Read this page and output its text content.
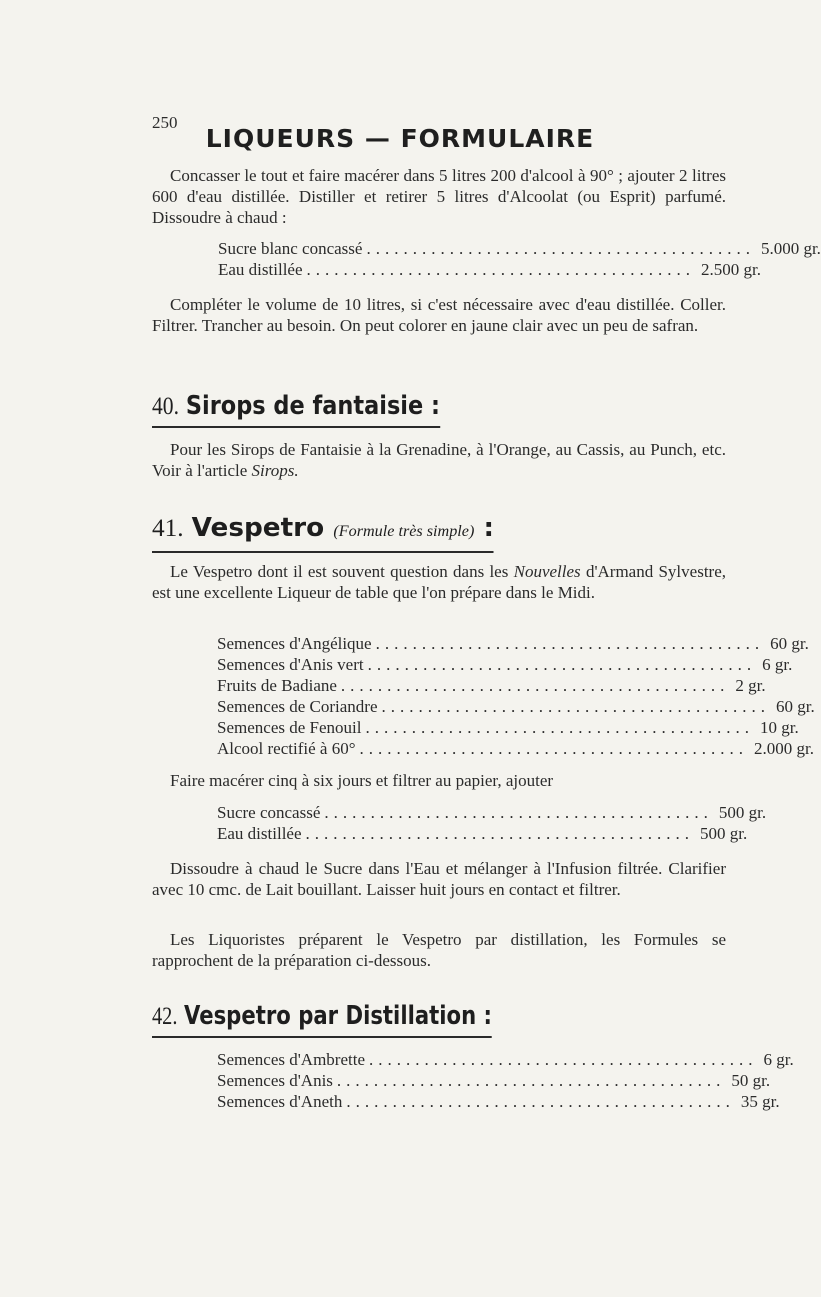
250
LIQUEURS — FORMULAIRE

Concasser le tout et faire macérer dans 5 litres 200 d'alcool à 90° ; ajouter 2 litres 600 d'eau distillée. Distiller et retirer 5 litres d'Alcoolat (ou Esprit) parfumé. Dissoudre à chaud :

Sucre blanc concassé .......................................... 5.000 gr.
Eau distillée .......................................... 2.500 gr.

Compléter le volume de 10 litres, si c'est nécessaire avec d'eau distillée. Coller. Filtrer. Trancher au besoin. On peut colorer en jaune clair avec un peu de safran.

40. Sirops de fantaisie :

Pour les Sirops de Fantaisie à la Grenadine, à l'Orange, au Cassis, au Punch, etc. Voir à l'article Sirops.

41. Vespetro (Formule très simple) :

Le Vespetro dont il est souvent question dans les Nouvelles d'Armand Sylvestre, est une excellente Liqueur de table que l'on prépare dans le Midi.

Semences d'Angélique .......................................... 60 gr.
Semences d'Anis vert .......................................... 6 gr.
Fruits de Badiane .......................................... 2 gr.
Semences de Coriandre .......................................... 60 gr.
Semences de Fenouil .......................................... 10 gr.
Alcool rectifié à 60° .......................................... 2.000 gr.

Faire macérer cinq à six jours et filtrer au papier, ajouter

Sucre concassé .......................................... 500 gr.
Eau distillée .......................................... 500 gr.

Dissoudre à chaud le Sucre dans l'Eau et mélanger à l'Infusion filtrée. Clarifier avec 10 cmc. de Lait bouillant. Laisser huit jours en contact et filtrer.

Les Liquoristes préparent le Vespetro par distillation, les Formules se rapprochent de la préparation ci-dessous.

42. Vespetro par Distillation :
Semences d'Ambrette .......................................... 6 gr.
Semences d'Anis .......................................... 50 gr.
Semences d'Aneth .......................................... 35 gr.
